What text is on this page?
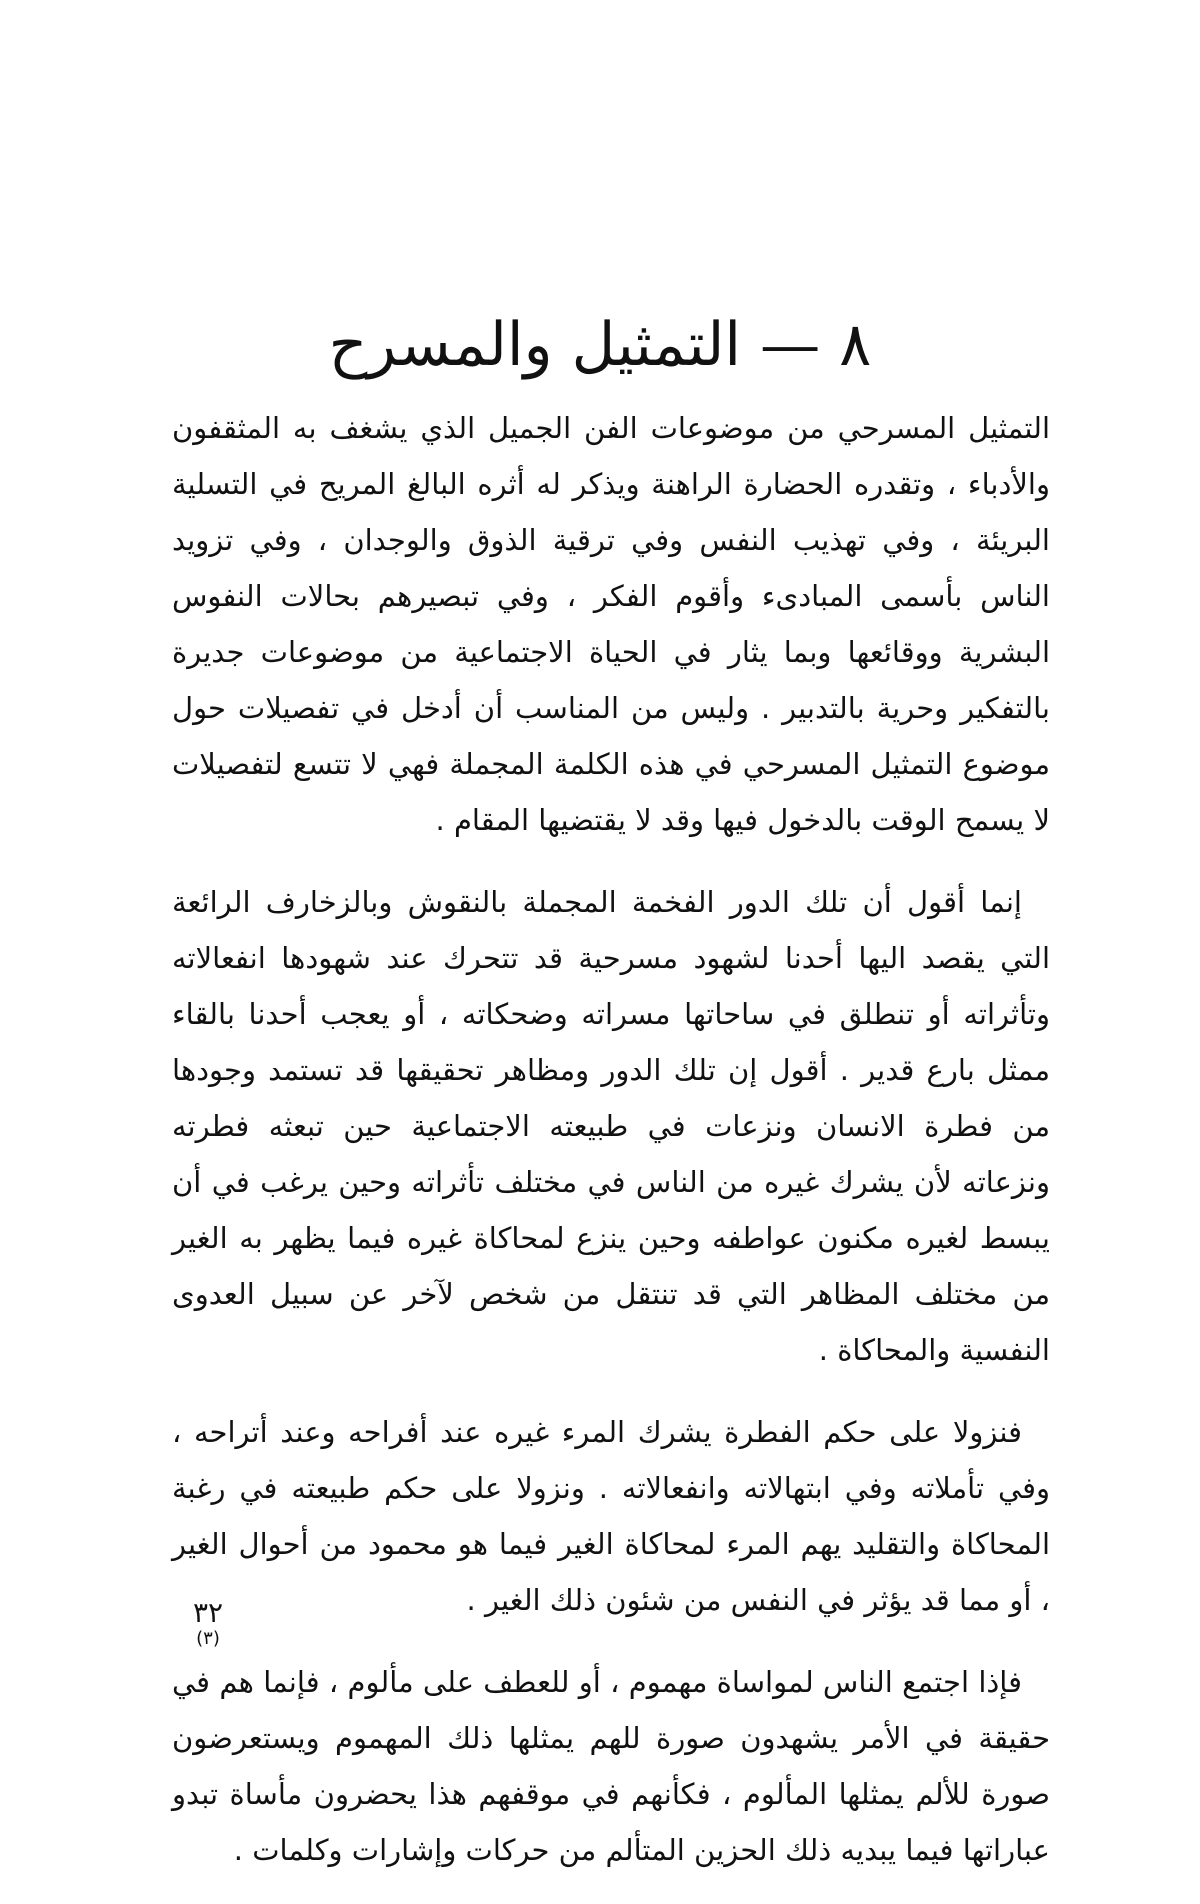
٨ — التمثيل والمسرح

التمثيل المسرحي من موضوعات الفن الجميل الذي يشغف به المثقفون والأدباء ، وتقدره الحضارة الراهنة ويذكر له أثره البالغ المريح في التسلية البريئة ، وفي تهذيب النفس وفي ترقية الذوق والوجدان ، وفي تزويد الناس بأسمى المبادىء وأقوم الفكر ، وفي تبصيرهم بحالات النفوس البشرية ووقائعها وبما يثار في الحياة الاجتماعية من موضوعات جديرة بالتفكير وحرية بالتدبير . وليس من المناسب أن أدخل في تفصيلات حول موضوع التمثيل المسرحي في هذه الكلمة المجملة فهي لا تتسع لتفصيلات لا يسمح الوقت بالدخول فيها وقد لا يقتضيها المقام .

إنما أقول أن تلك الدور الفخمة المجملة بالنقوش وبالزخارف الرائعة التي يقصد اليها أحدنا لشهود مسرحية قد تتحرك عند شهودها انفعالاته وتأثراته أو تنطلق في ساحاتها مسراته وضحكاته ، أو يعجب أحدنا بالقاء ممثل بارع قدير . أقول إن تلك الدور ومظاهر تحقيقها قد تستمد وجودها من فطرة الانسان ونزعات في طبيعته الاجتماعية حين تبعثه فطرته ونزعاته لأن يشرك غيره من الناس في مختلف تأثراته وحين يرغب في أن يبسط لغيره مكنون عواطفه وحين ينزع لمحاكاة غيره فيما يظهر به الغير من مختلف المظاهر التي قد تنتقل من شخص لآخر عن سبيل العدوى النفسية والمحاكاة .

فنزولا على حكم الفطرة يشرك المرء غيره عند أفراحه وعند أتراحه ، وفي تأملاته وفي ابتهالاته وانفعالاته . ونزولا على حكم طبيعته في رغبة المحاكاة والتقليد يهم المرء لمحاكاة الغير فيما هو محمود من أحوال الغير ، أو مما قد يؤثر في النفس من شئون ذلك الغير .

فإذا اجتمع الناس لمواساة مهموم ، أو للعطف على مألوم ، فإنما هم في حقيقة في الأمر يشهدون صورة للهم يمثلها ذلك المهموم ويستعرضون صورة للألم يمثلها المألوم ، فكأنهم في موقفهم هذا يحضرون مأساة تبدو عباراتها فيما يبديه ذلك الحزين المتألم من حركات وإشارات وكلمات .

٣٢
(٣)
